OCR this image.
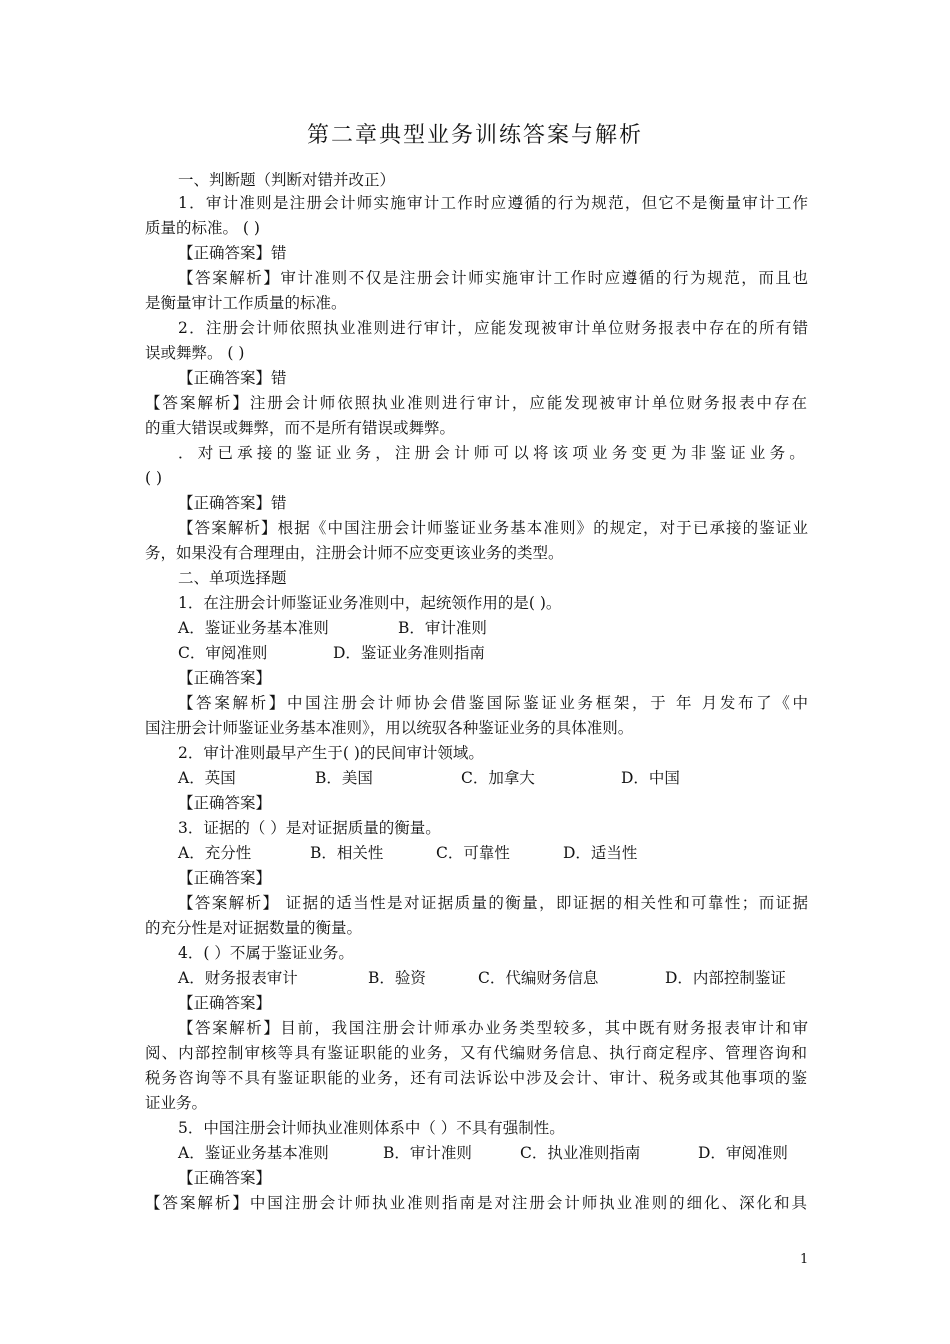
第二章典型业务训练答案与解析
一、判断题（判断对错并改正）
1．审计准则是注册会计师实施审计工作时应遵循的行为规范，但它不是衡量审计工作
质量的标准。 ( )
【正确答案】错
【答案解析】审计准则不仅是注册会计师实施审计工作时应遵循的行为规范，而且也
是衡量审计工作质量的标准。
2．注册会计师依照执业准则进行审计，应能发现被审计单位财务报表中存在的所有错
误或舞弊。 ( )
【正确答案】错
【答案解析】注册会计师依照执业准则进行审计，应能发现被审计单位财务报表中存在
的重大错误或舞弊，而不是所有错误或舞弊。
．对已承接的鉴证业务，注册会计师可以将该项业务变更为非鉴证业务。
( )
【正确答案】错
【答案解析】根据《中国注册会计师鉴证业务基本准则》的规定，对于已承接的鉴证业
务，如果没有合理理由，注册会计师不应变更该业务的类型。
二、单项选择题
1．在注册会计师鉴证业务准则中，起统领作用的是( )。
A．鉴证业务基本准则	B．审计准则
C．审阅准则	D．鉴证业务准则指南
【正确答案】
【答案解析】中国注册会计师协会借鉴国际鉴证业务框架，于 年 月发布了《中
国注册会计师鉴证业务基本准则》，用以统驭各种鉴证业务的具体准则。
2．审计准则最早产生于( )的民间审计领域。
A．英国	B．美国	C．加拿大	D．中国
【正确答案】
3．证据的（ ）是对证据质量的衡量。
A．充分性	B．相关性	C．可靠性	D．适当性
【正确答案】
【答案解析】 证据的适当性是对证据质量的衡量，即证据的相关性和可靠性；而证据
的充分性是对证据数量的衡量。
4．( ）不属于鉴证业务。
A．财务报表审计	B．验资	C．代编财务信息	D．内部控制鉴证
【正确答案】
【答案解析】目前，我国注册会计师承办业务类型较多，其中既有财务报表审计和审
阅、内部控制审核等具有鉴证职能的业务，又有代编财务信息、执行商定程序、管理咨询和
税务咨询等不具有鉴证职能的业务，还有司法诉讼中涉及会计、审计、税务或其他事项的鉴
证业务。
5．中国注册会计师执业准则体系中（ ）不具有强制性。
A．鉴证业务基本准则	B．审计准则	C．执业准则指南	D．审阅准则
【正确答案】
【答案解析】中国注册会计师执业准则指南是对注册会计师执业准则的细化、深化和具
1
